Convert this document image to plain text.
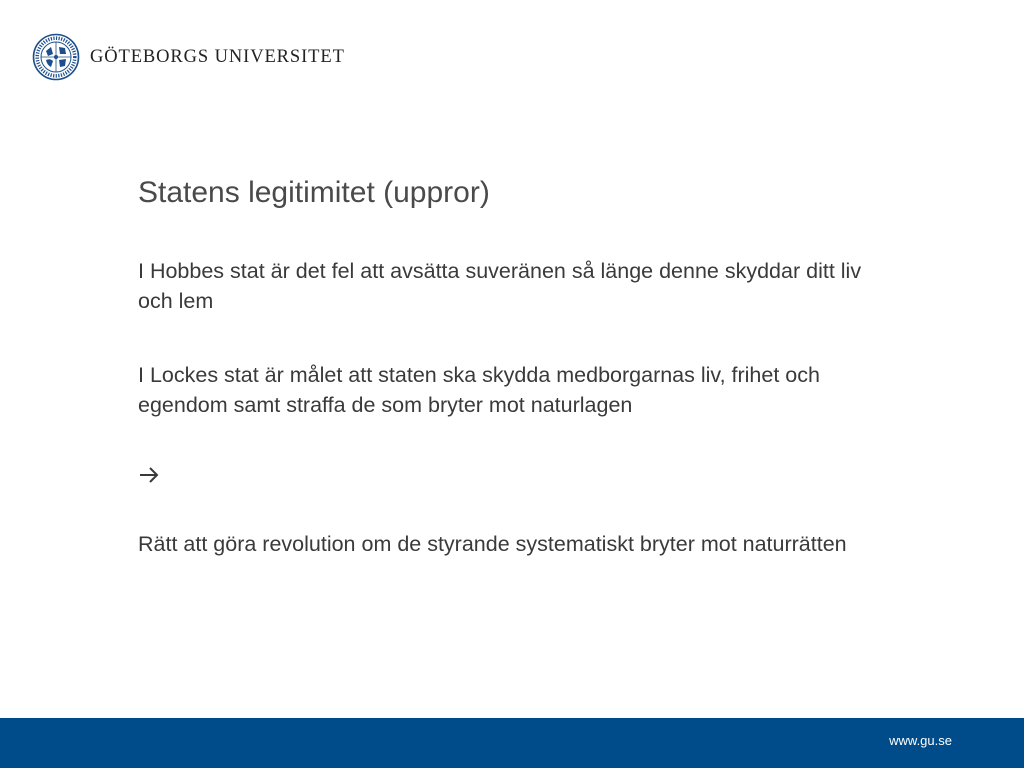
GÖTEBORGS UNIVERSITET
Statens legitimitet (uppror)

I Hobbes stat är det fel att avsätta suveränen så länge denne skyddar ditt liv och lem

I Lockes stat är målet att staten ska skydda medborgarnas liv, frihet och egendom samt straffa de som bryter mot naturlagen

Rätt att göra revolution om de styrande systematiskt bryter mot naturrätten

www.gu.se
